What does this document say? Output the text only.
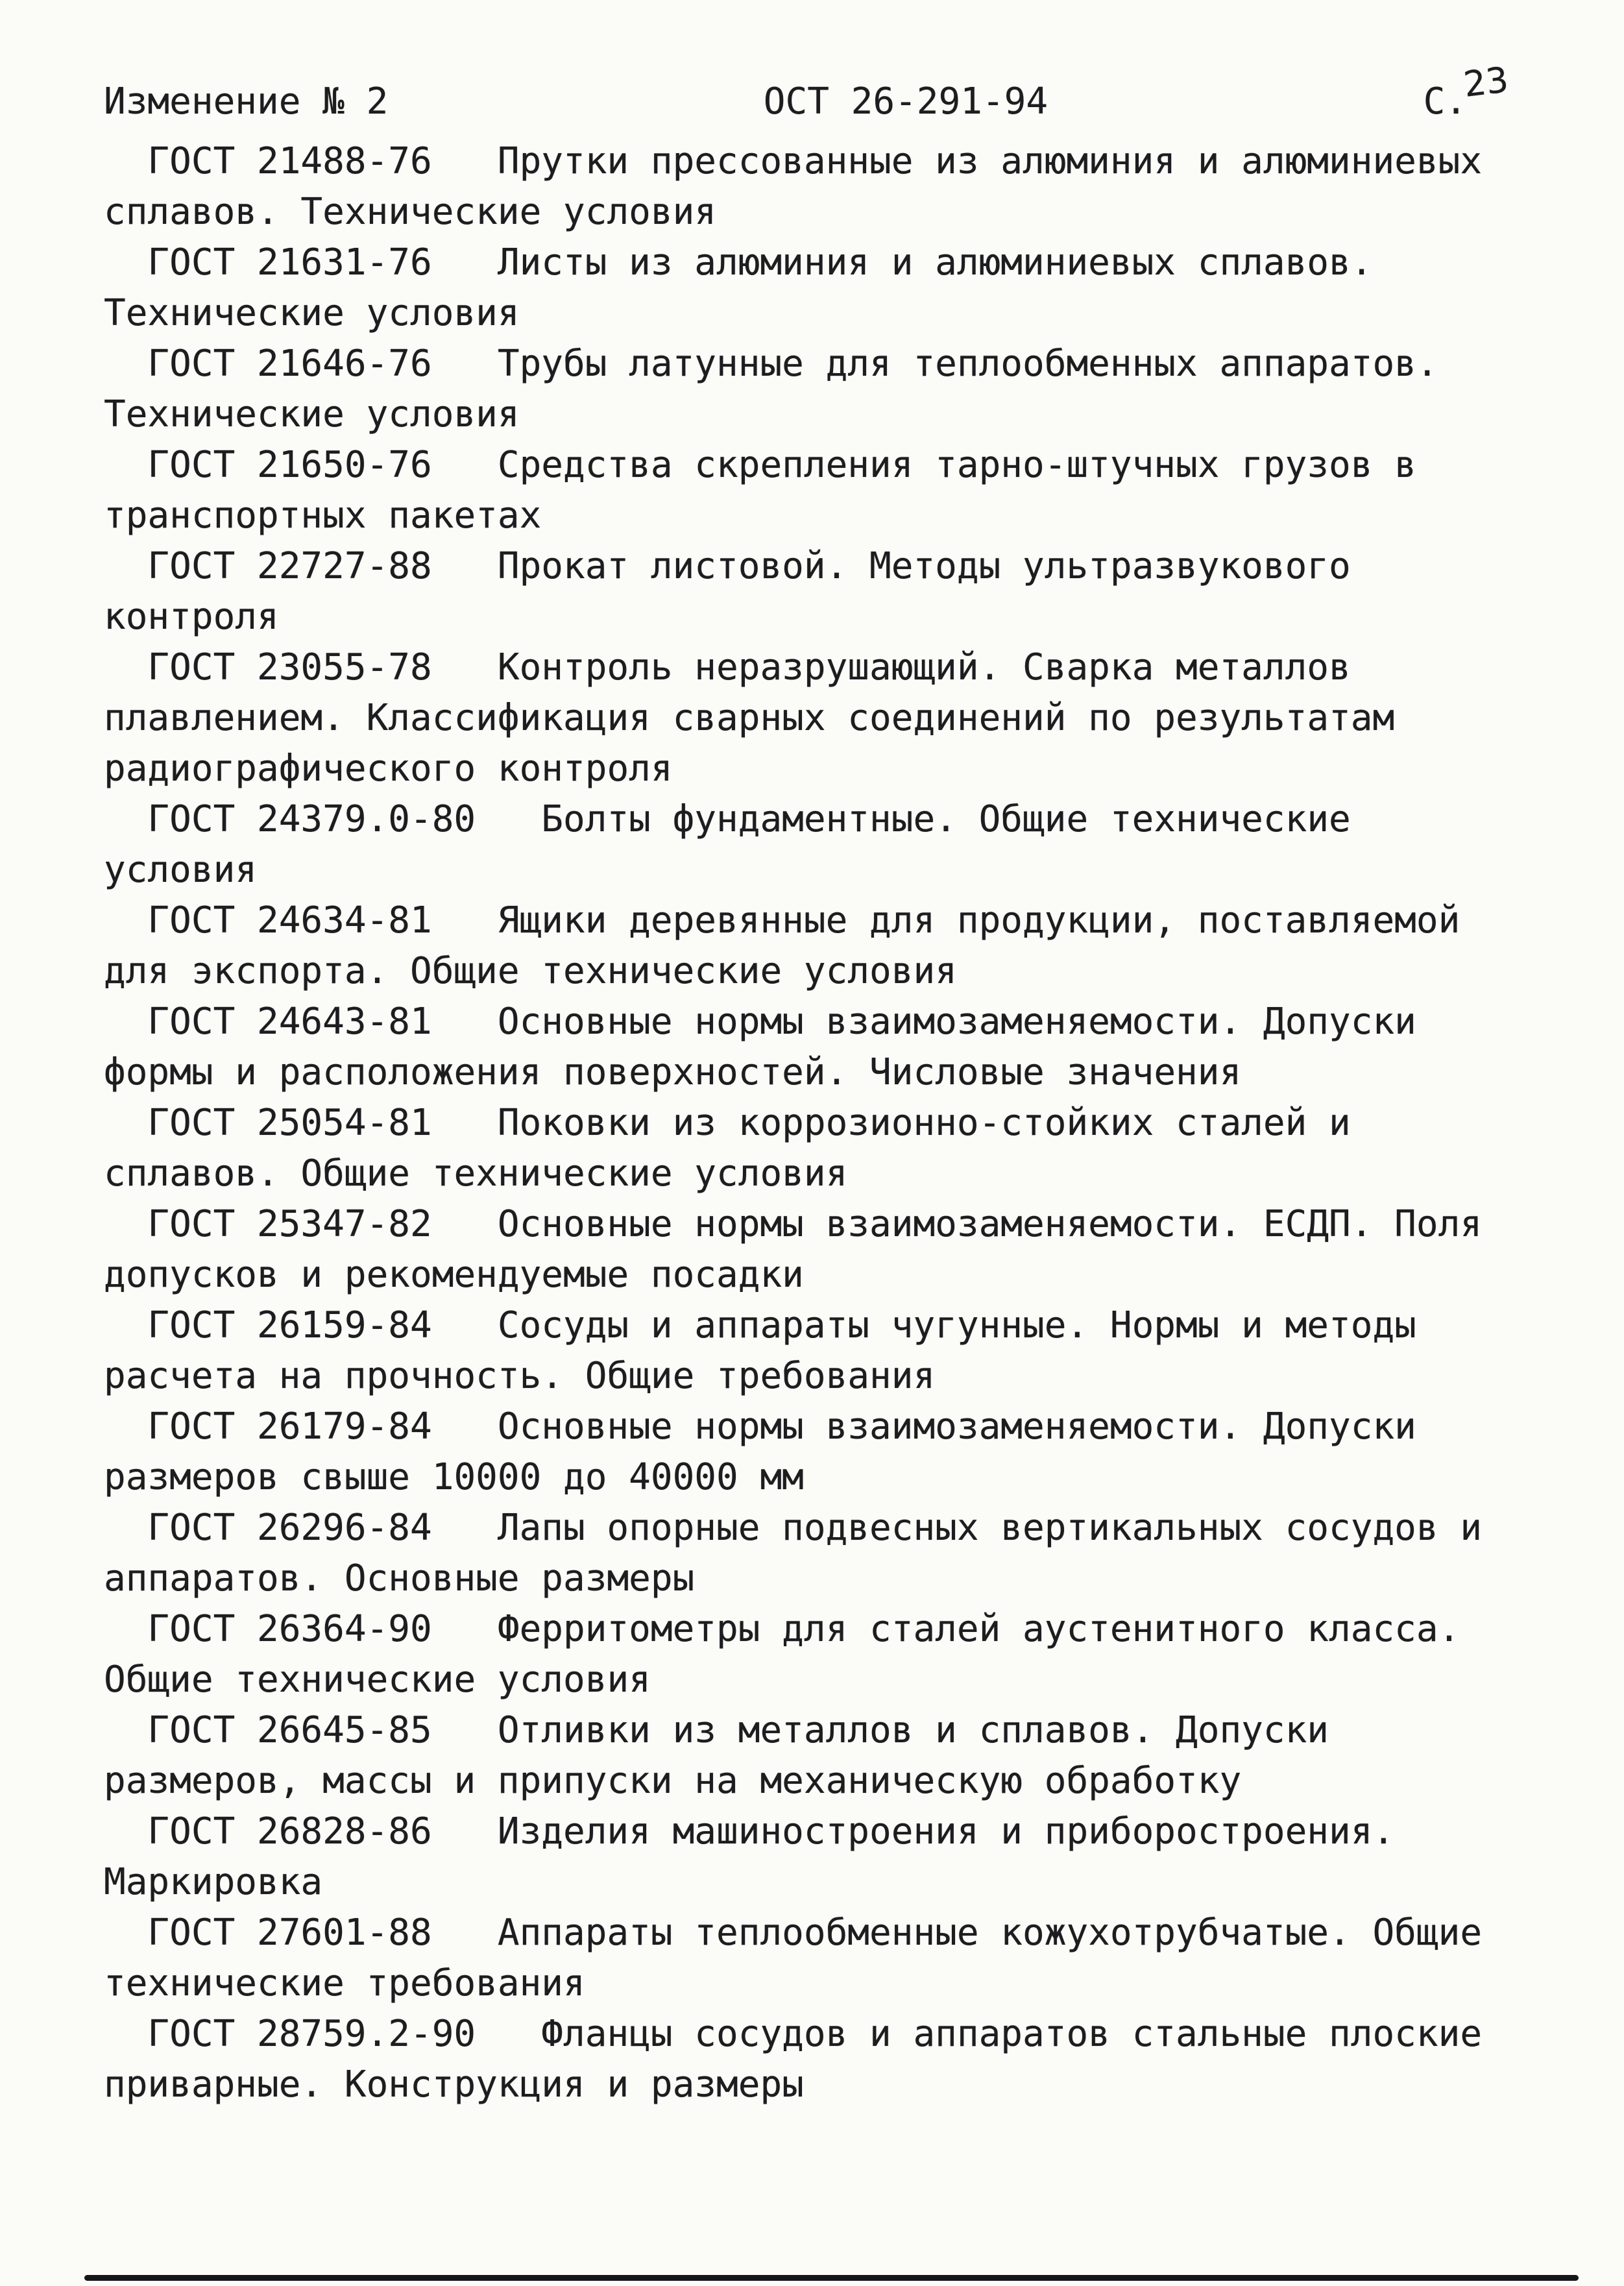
Изменение № 2	ОСТ 26-291-94	С.
23

ГОСТ 21488-76 Прутки прессованные из алюминия и алюминиевых сплавов. Технические условия

ГОСТ 21631-76 Листы из алюминия и алюминиевых сплавов. Технические условия

ГОСТ 21646-76 Трубы латунные для теплообменных аппаратов. Технические условия

ГОСТ 21650-76 Средства скрепления тарно-штучных грузов в транспортных пакетах

ГОСТ 22727-88 Прокат листовой. Методы ультразвукового контроля

ГОСТ 23055-78 Контроль неразрушающий. Сварка металлов плавлением. Классификация сварных соединений по результатам радиографического контроля

ГОСТ 24379.0-80 Болты фундаментные. Общие технические условия

ГОСТ 24634-81 Ящики деревянные для продукции, поставляемой для экспорта. Общие технические условия

ГОСТ 24643-81 Основные нормы взаимозаменяемости. Допуски формы и расположения поверхностей. Числовые значения

ГОСТ 25054-81 Поковки из коррозионно-стойких сталей и сплавов. Общие технические условия

ГОСТ 25347-82 Основные нормы взаимозаменяемости. ЕСДП. Поля допусков и рекомендуемые посадки

ГОСТ 26159-84 Сосуды и аппараты чугунные. Нормы и методы расчета на прочность. Общие требования

ГОСТ 26179-84 Основные нормы взаимозаменяемости. Допуски размеров свыше 10000 до 40000 мм

ГОСТ 26296-84 Лапы опорные подвесных вертикальных сосудов и аппаратов. Основные размеры

ГОСТ 26364-90 Ферритометры для сталей аустенитного класса. Общие технические условия

ГОСТ 26645-85 Отливки из металлов и сплавов. Допуски размеров, массы и припуски на механическую обработку

ГОСТ 26828-86 Изделия машиностроения и приборостроения. Маркировка

ГОСТ 27601-88 Аппараты теплообменные кожухотрубчатые. Общие технические требования

ГОСТ 28759.2-90 Фланцы сосудов и аппаратов стальные плоские приварные. Конструкция и размеры
